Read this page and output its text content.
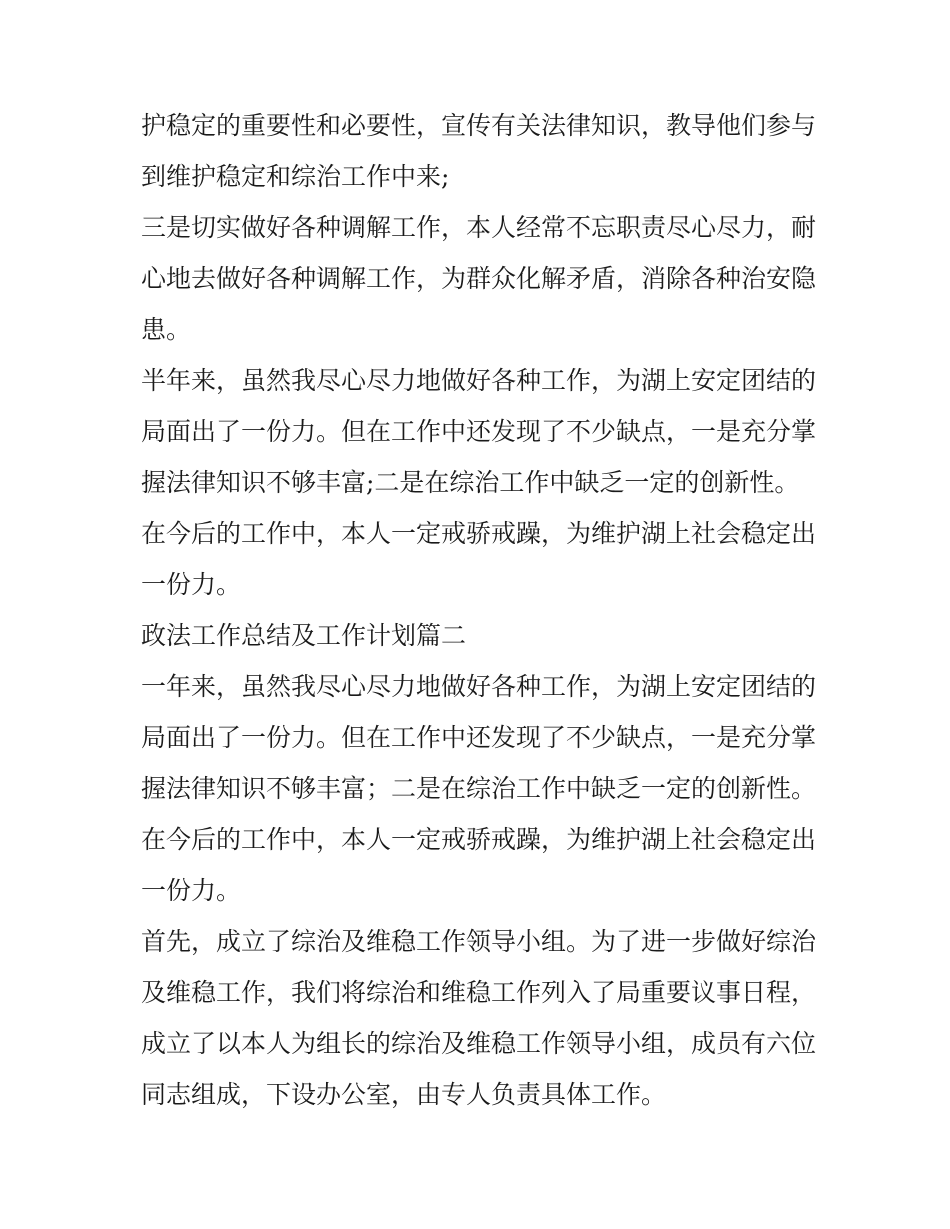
护稳定的重要性和必要性，宣传有关法律知识，教导他们参与
到维护稳定和综治工作中来;

三是切实做好各种调解工作，本人经常不忘职责尽心尽力，耐
心地去做好各种调解工作，为群众化解矛盾，消除各种治安隐
患。

半年来，虽然我尽心尽力地做好各种工作，为湖上安定团结的
局面出了一份力。但在工作中还发现了不少缺点，一是充分掌
握法律知识不够丰富;二是在综治工作中缺乏一定的创新性。

在今后的工作中，本人一定戒骄戒躁，为维护湖上社会稳定出
一份力。

政法工作总结及工作计划篇二

一年来，虽然我尽心尽力地做好各种工作，为湖上安定团结的
局面出了一份力。但在工作中还发现了不少缺点，一是充分掌
握法律知识不够丰富；二是在综治工作中缺乏一定的创新性。

在今后的工作中，本人一定戒骄戒躁，为维护湖上社会稳定出
一份力。

首先，成立了综治及维稳工作领导小组。为了进一步做好综治
及维稳工作，我们将综治和维稳工作列入了局重要议事日程，
成立了以本人为组长的综治及维稳工作领导小组，成员有六位
同志组成，下设办公室，由专人负责具体工作。
